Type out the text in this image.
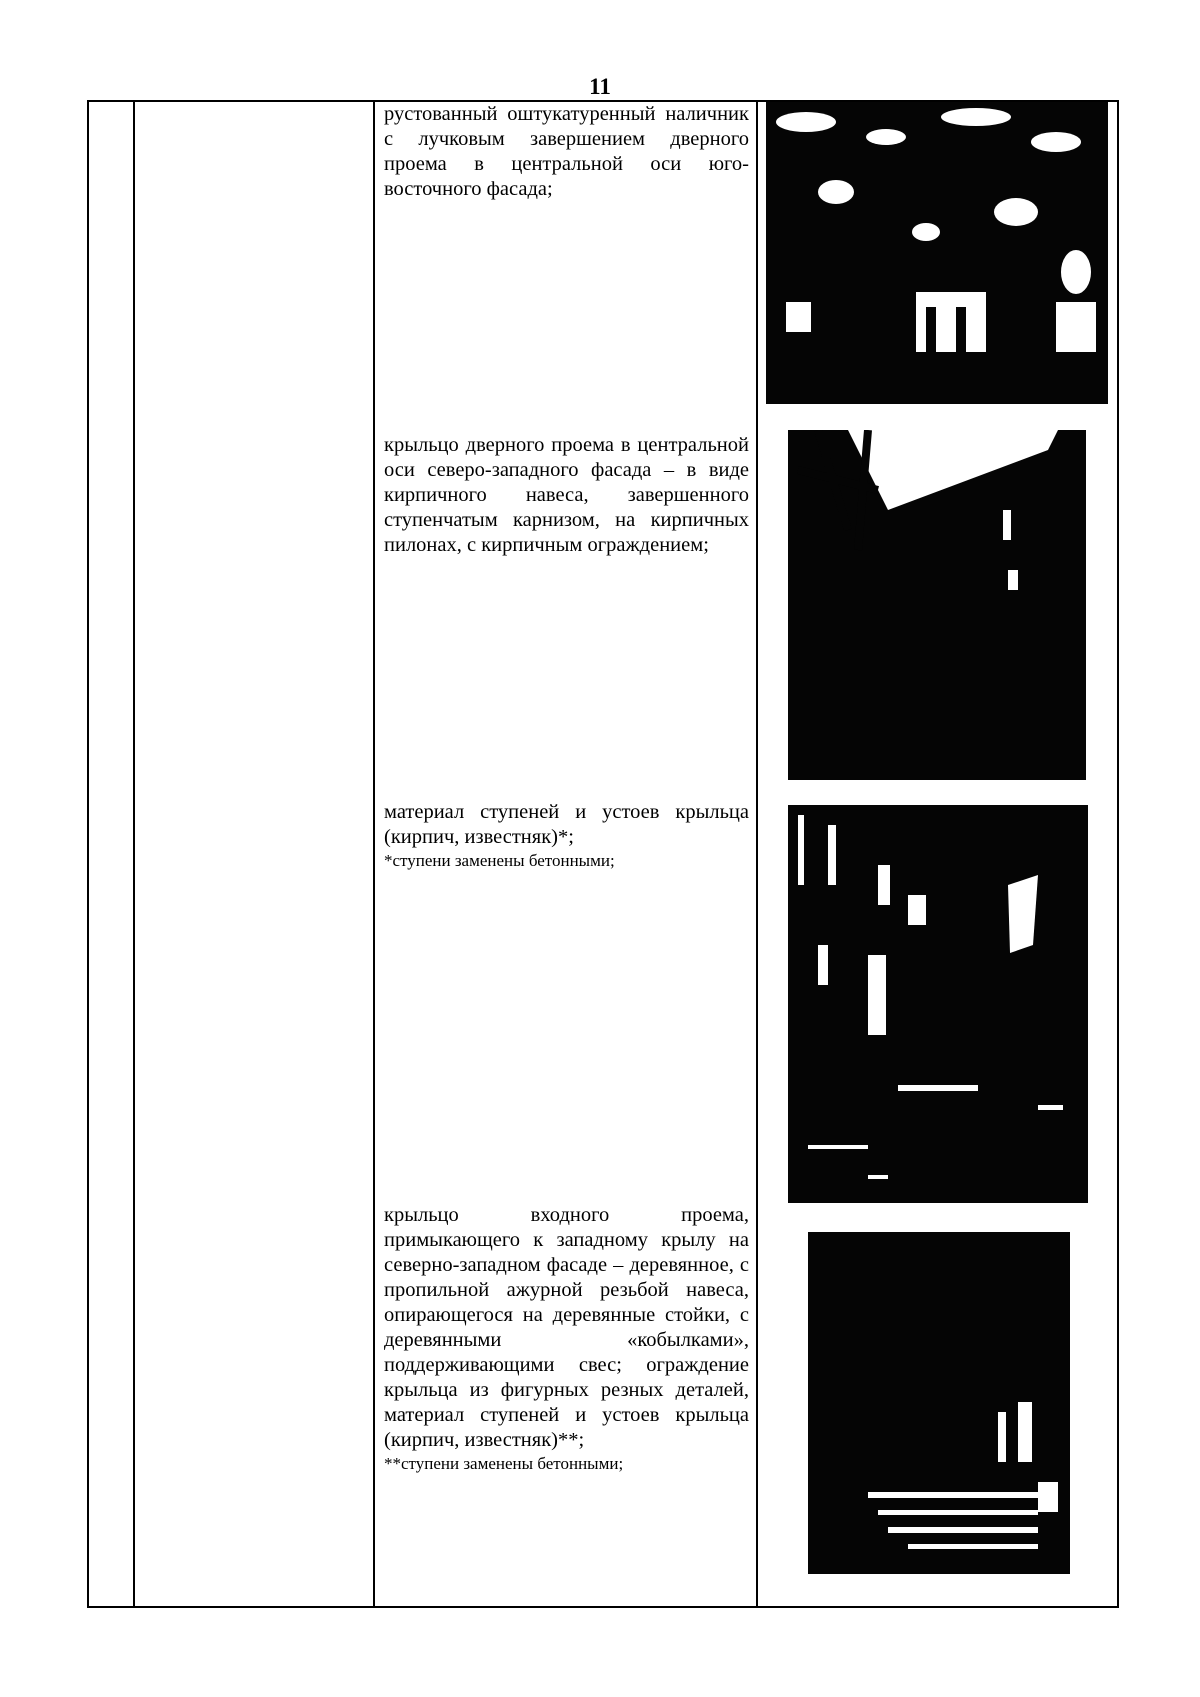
11

рустованный оштукатуренный наличник с лучковым завершением дверного проема в центральной оси юго-восточного фасада;

крыльцо дверного проема в центральной оси северо-западного фасада – в виде кирпичного навеса, завершенного ступенчатым карнизом, на кирпичных пилонах, с кирпичным ограждением;

материал ступеней и устоев крыльца (кирпич, известняк)*;

*ступени заменены бетонными;

крыльцо входного проема, примыкающего к западному крылу на северно-западном фасаде – деревянное, с пропильной ажурной резьбой навеса, опирающегося на деревянные стойки, с деревянными «кобылками», поддерживающими свес; ограждение крыльца из фигурных резных деталей, материал ступеней и устоев крыльца (кирпич, известняк)**;

**ступени заменены бетонными;
